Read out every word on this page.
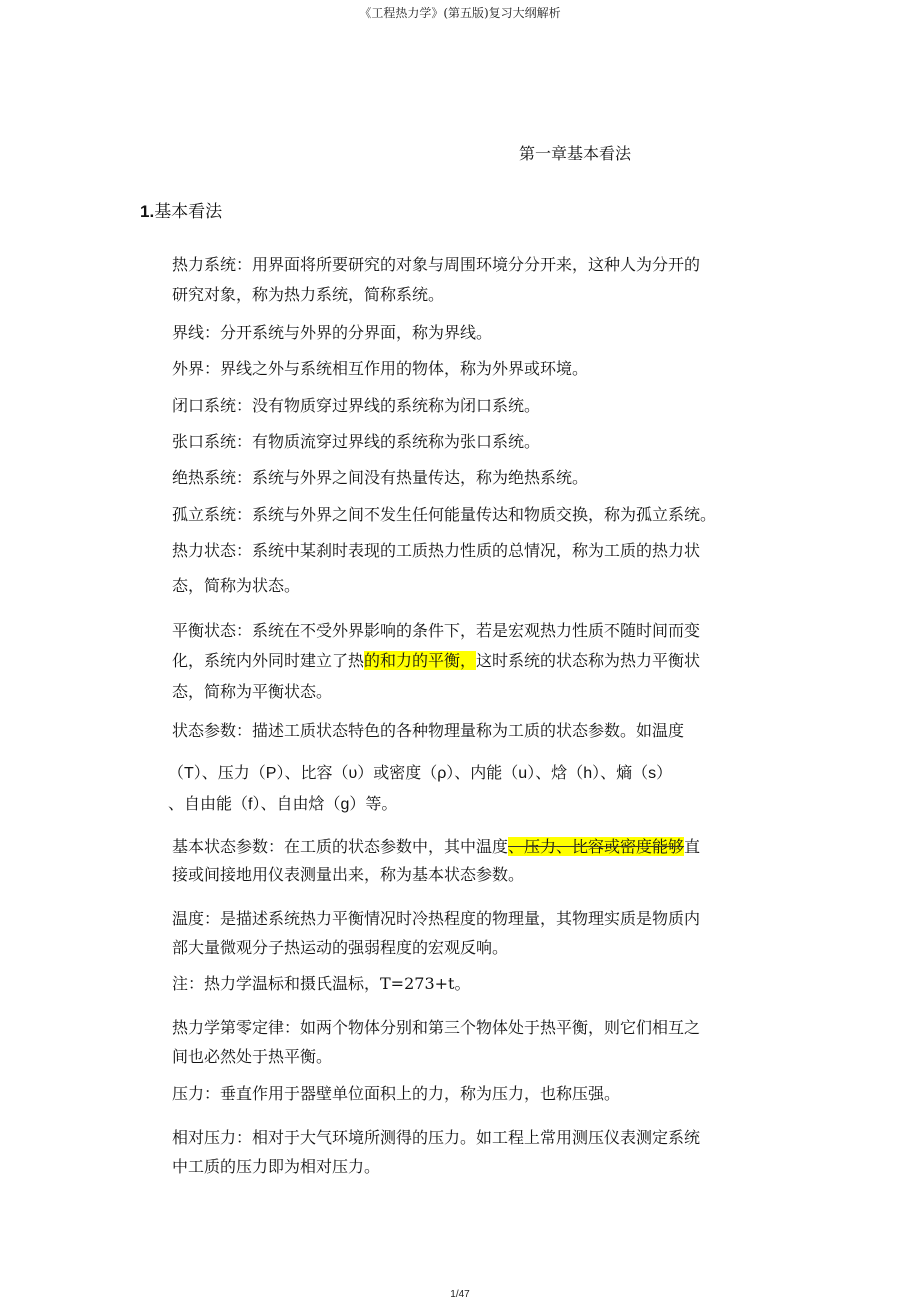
《工程热力学》(第五版)复习大纲解析
第一章基本看法
1.基本看法
热力系统：用界面将所要研究的对象与周围环境分分开来，这种人为分开的
研究对象，称为热力系统，简称系统。
界线：分开系统与外界的分界面，称为界线。
外界：界线之外与系统相互作用的物体，称为外界或环境。
闭口系统：没有物质穿过界线的系统称为闭口系统。
张口系统：有物质流穿过界线的系统称为张口系统。
绝热系统：系统与外界之间没有热量传达，称为绝热系统。
孤立系统：系统与外界之间不发生任何能量传达和物质交换，称为孤立系统。
热力状态：系统中某刹时表现的工质热力性质的总情况，称为工质的热力状
态，简称为状态。
平衡状态：系统在不受外界影响的条件下，若是宏观热力性质不随时间而变
化，系统内外同时建立了热的和力的平衡，这时系统的状态称为热力平衡状
态，简称为平衡状态。
状态参数：描述工质状态特色的各种物理量称为工质的状态参数。如温度
（T）、压力（P）、比容（υ）或密度（ρ）、内能（u）、焓（h）、熵（s）
、自由能（f）、自由焓（g）等。
基本状态参数：在工质的状态参数中，其中温度、压力、比容或密度能够直
接或间接地用仪表测量出来，称为基本状态参数。
温度：是描述系统热力平衡情况时冷热程度的物理量，其物理实质是物质内
部大量微观分子热运动的强弱程度的宏观反响。
注：热力学温标和摄氏温标，T=273+t。
热力学第零定律：如两个物体分别和第三个物体处于热平衡，则它们相互之
间也必然处于热平衡。
压力：垂直作用于器壁单位面积上的力，称为压力，也称压强。
相对压力：相对于大气环境所测得的压力。如工程上常用测压仪表测定系统
中工质的压力即为相对压力。
1/47
